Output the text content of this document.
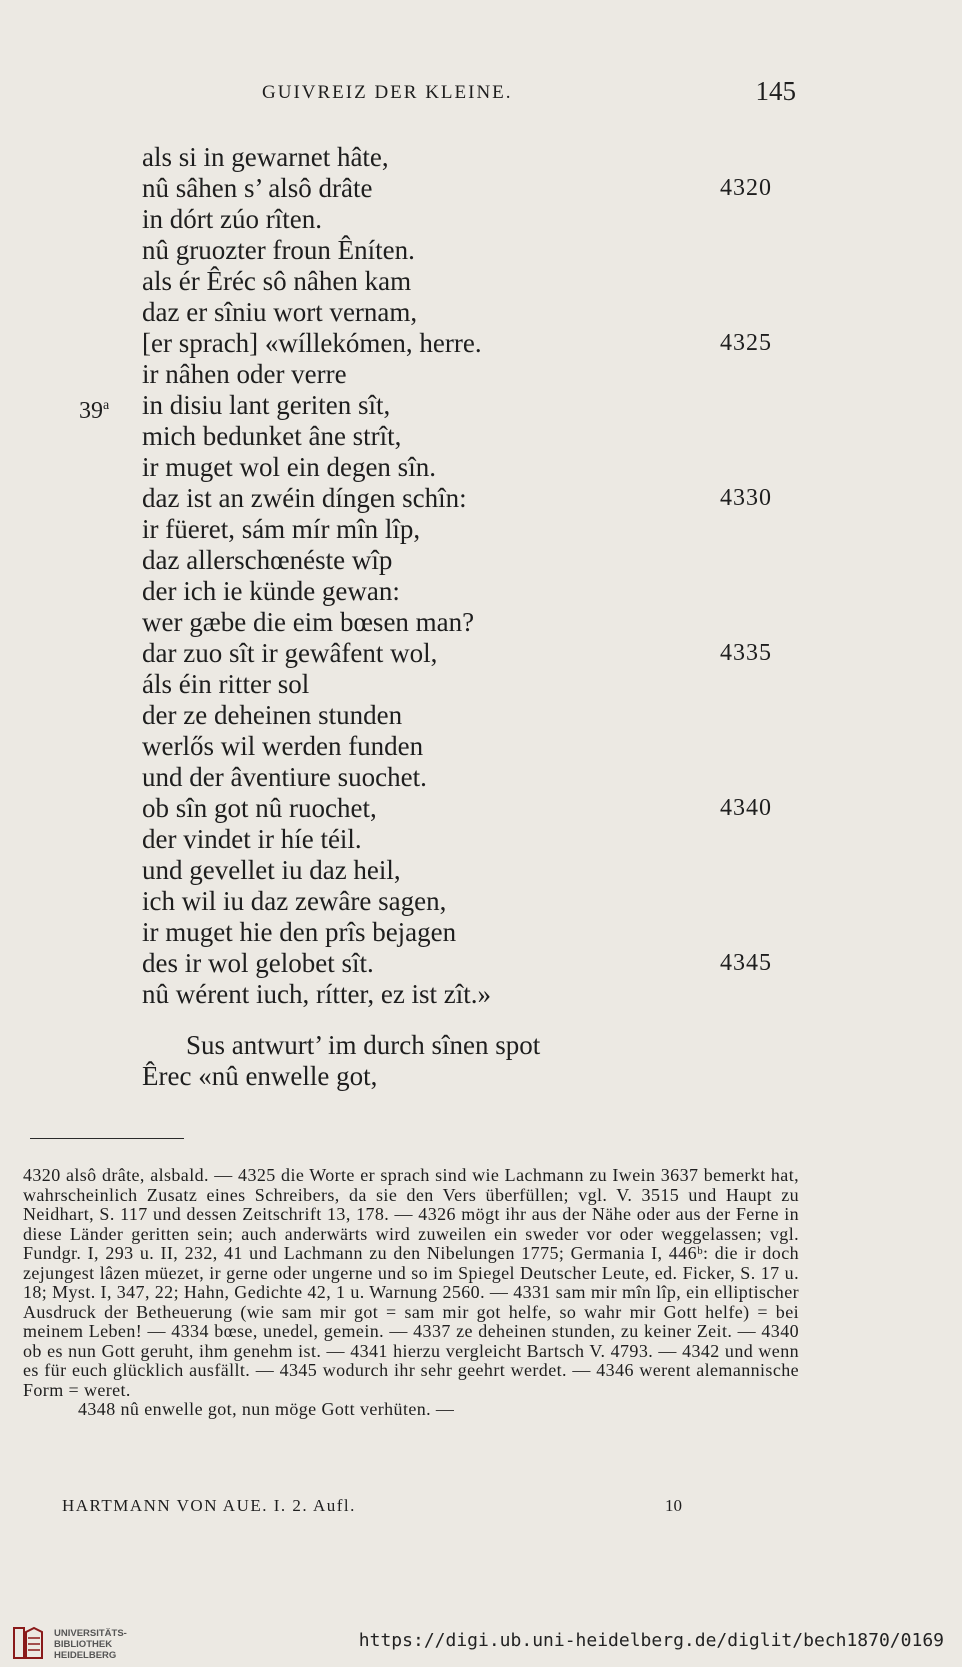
GUIVREIZ DER KLEINE.	145
als si in gewarnet hâte,
nû sâhen s’ alsô drâte	4320
in dórt zúo rîten.
nû gruozter froun Êníten.
als ér Êréc sô nâhen kam
daz er sîniu wort vernam,
[er sprach] «wíllekómen, herre.	4325
ir nâhen oder verre
in disiu lant geriten sît,
39$^a$
mich bedunket âne strît,
ir muget wol ein degen sîn.
daz ist an zwéin díngen schîn:	4330
ir füeret, sám mír mîn lîp,
daz allerschœnéste wîp
der ich ie künde gewan:
wer gæbe die eim bœsen man?
dar zuo sît ir gewâfent wol,	4335
áls éin ritter sol
der ze deheinen stunden
werlős wil werden funden
und der âventiure suochet.
ob sîn got nû ruochet,	4340
der vindet ir híe téil.
und gevellet iu daz heil,
ich wil iu daz zewâre sagen,
ir muget hie den prîs bejagen
des ir wol gelobet sît.	4345
nû wérent iuch, rítter, ez ist zît.»
Sus antwurt’ im durch sînen spot
Êrec «nû enwelle got,

4320 alsô drâte, alsbald. — 4325 die Worte er sprach sind wie Lachmann zu Iwein 3637 bemerkt hat, wahrscheinlich Zusatz eines Schreibers, da sie den Vers überfüllen; vgl. V. 3515 und Haupt zu Neidhart, S. 117 und dessen Zeitschrift 13, 178. — 4326 mögt ihr aus der Nähe oder aus der Ferne in diese Länder geritten sein; auch anderwärts wird zuweilen ein sweder vor oder weggelassen; vgl. Fundgr. I, 293 u. II, 232, 41 und Lachmann zu den Nibelungen 1775; Germania I, 446ᵇ: die ir doch zejungest lâzen müezet, ir gerne oder ungerne und so im Spiegel Deutscher Leute, ed. Ficker, S. 17 u. 18; Myst. I, 347, 22; Hahn, Gedichte 42, 1 u. Warnung 2560. — 4331 sam mir mîn lîp, ein elliptischer Ausdruck der Betheuerung (wie sam mir got = sam mir got helfe, so wahr mir Gott helfe) = bei meinem Leben! — 4334 bœse, unedel, gemein. — 4337 ze deheinen stunden, zu keiner Zeit. — 4340 ob es nun Gott geruht, ihm genehm ist. — 4341 hierzu vergleicht Bartsch V. 4793. — 4342 und wenn es für euch glücklich ausfällt. — 4345 wodurch ihr sehr geehrt werdet. — 4346 werent alemannische Form = weret.

4348 nû enwelle got, nun möge Gott verhüten. —

HARTMANN VON AUE. I. 2. Aufl.	10
UNIVERSITÄTS-
BIBLIOTHEK
HEIDELBERG
https://digi.ub.uni-heidelberg.de/diglit/bech1870/0169
